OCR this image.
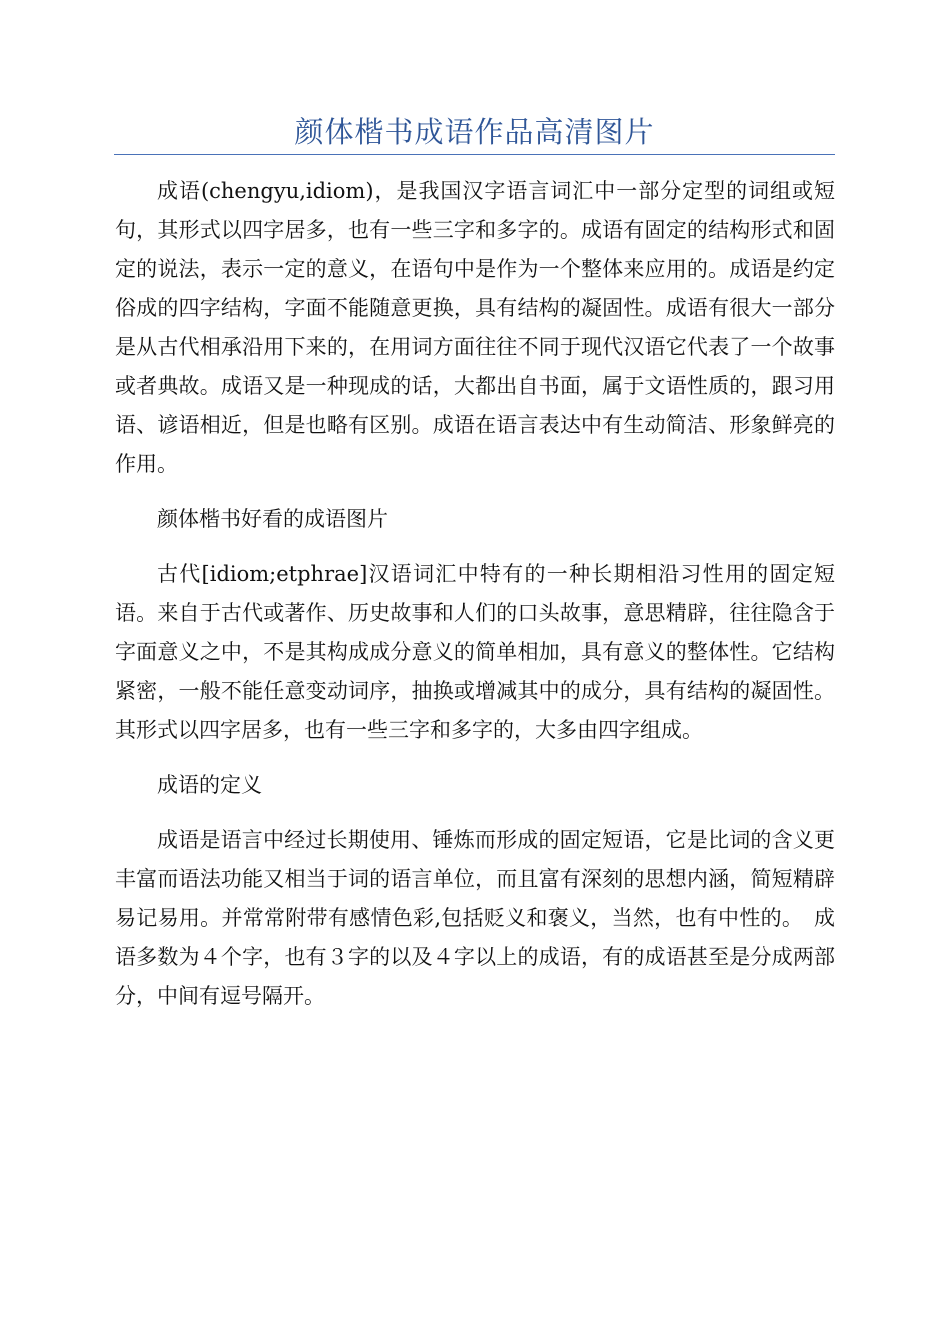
颜体楷书成语作品高清图片

成语(chengyu,idiom)，是我国汉字语言词汇中一部分定型的词组或短句，其形式以四字居多，也有一些三字和多字的。成语有固定的结构形式和固定的说法，表示一定的意义，在语句中是作为一个整体来应用的。成语是约定俗成的四字结构，字面不能随意更换，具有结构的凝固性。成语有很大一部分是从古代相承沿用下来的，在用词方面往往不同于现代汉语它代表了一个故事或者典故。成语又是一种现成的话，大都出自书面，属于文语性质的，跟习用语、谚语相近，但是也略有区别。成语在语言表达中有生动简洁、形象鲜亮的作用。

颜体楷书好看的成语图片

古代[idiom;etphrae]汉语词汇中特有的一种长期相沿习性用的固定短语。来自于古代或著作、历史故事和人们的口头故事，意思精辟，往往隐含于字面意义之中，不是其构成成分意义的简单相加，具有意义的整体性。它结构紧密，一般不能任意变动词序，抽换或增减其中的成分，具有结构的凝固性。其形式以四字居多，也有一些三字和多字的，大多由四字组成。

成语的定义

成语是语言中经过长期使用、锤炼而形成的固定短语，它是比词的含义更丰富而语法功能又相当于词的语言单位，而且富有深刻的思想内涵，简短精辟易记易用。并常常附带有感情色彩,包括贬义和褒义，当然，也有中性的。　成语多数为４个字，也有３字的以及４字以上的成语，有的成语甚至是分成两部分，中间有逗号隔开。
